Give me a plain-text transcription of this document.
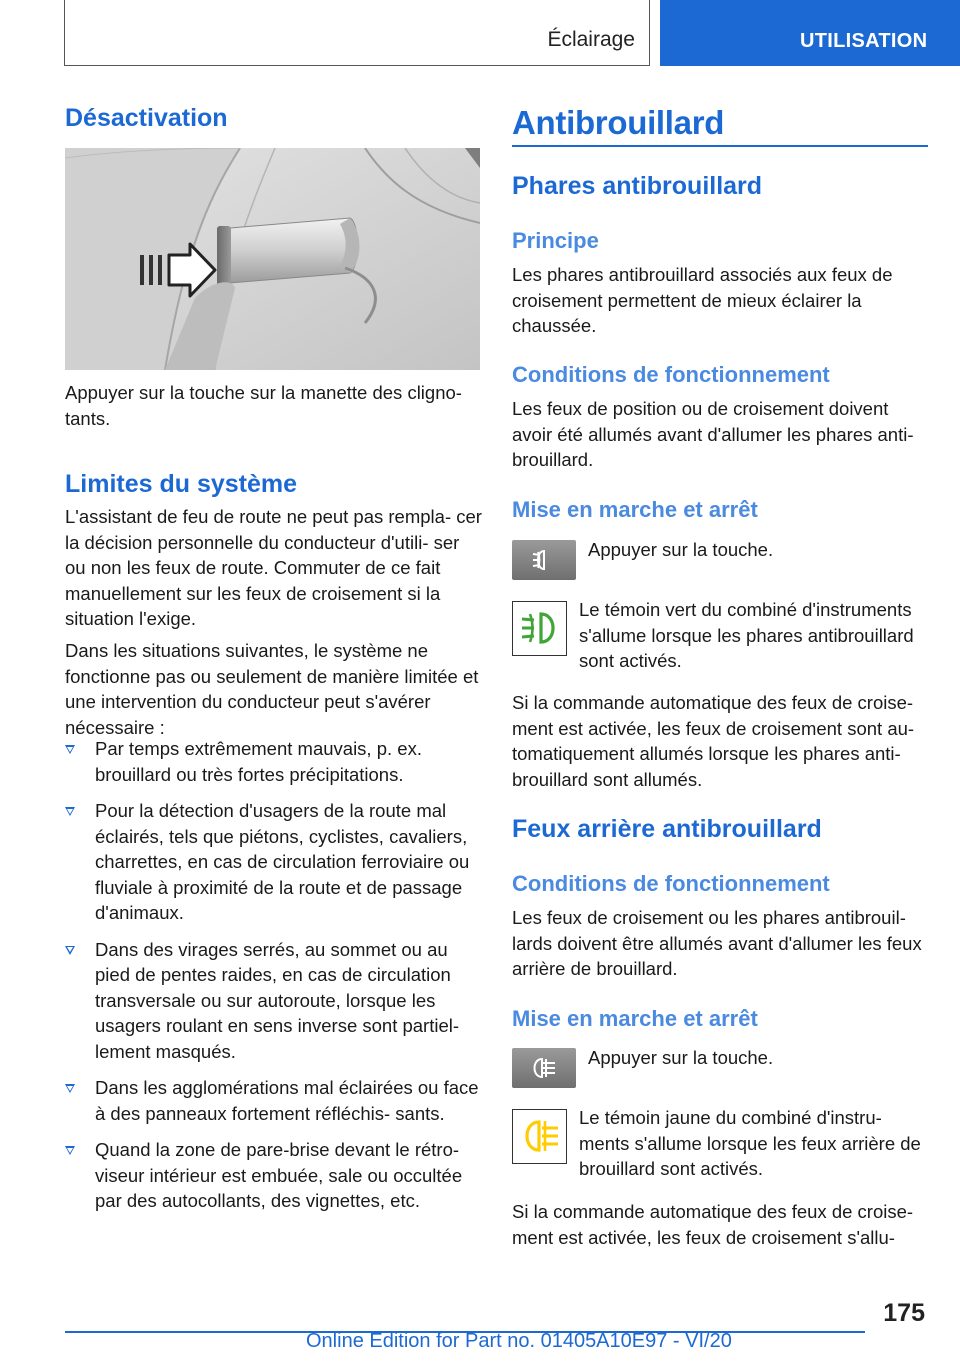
Éclairage	UTILISATION
Désactivation

Appuyer sur la touche sur la manette des cligno‐ tants.

Limites du système

L'assistant de feu de route ne peut pas rempla‐ cer la décision personnelle du conducteur d'utili‐ ser ou non les feux de route. Commuter de ce fait manuellement sur les feux de croisement si la situation l'exige.

Dans les situations suivantes, le système ne fonctionne pas ou seulement de manière limitée et une intervention du conducteur peut s'avérer nécessaire :

Par temps extrêmement mauvais, p. ex. brouillard ou très fortes précipitations.
Pour la détection d'usagers de la route mal éclairés, tels que piétons, cyclistes, cavaliers, charrettes, en cas de circulation ferroviaire ou fluviale à proximité de la route et de passage d'animaux.
Dans des virages serrés, au sommet ou au pied de pentes raides, en cas de circulation transversale ou sur autoroute, lorsque les usagers roulant en sens inverse sont partiel‐ lement masqués.
Dans les agglomérations mal éclairées ou face à des panneaux fortement réfléchis‐ sants.
Quand la zone de pare-brise devant le rétro‐ viseur intérieur est embuée, sale ou occultée par des autocollants, des vignettes, etc.
Antibrouillard
Phares antibrouillard
Principe

Les phares antibrouillard associés aux feux de croisement permettent de mieux éclairer la chaussée.

Conditions de fonctionnement

Les feux de position ou de croisement doivent avoir été allumés avant d'allumer les phares anti‐ brouillard.

Mise en marche et arrêt

Appuyer sur la touche.

Le témoin vert du combiné d'instruments s'allume lorsque les phares antibrouillard sont activés.

Si la commande automatique des feux de croise‐ ment est activée, les feux de croisement sont au‐ tomatiquement allumés lorsque les phares anti‐ brouillard sont allumés.

Feux arrière antibrouillard
Conditions de fonctionnement

Les feux de croisement ou les phares antibrouil‐ lards doivent être allumés avant d'allumer les feux arrière de brouillard.

Mise en marche et arrêt

Appuyer sur la touche.

Le témoin jaune du combiné d'instru‐ ments s'allume lorsque les feux arrière de brouillard sont activés.

Si la commande automatique des feux de croise‐ ment est activée, les feux de croisement s'allu‐

175
Online Edition for Part no. 01405A10E97 - VI/20
